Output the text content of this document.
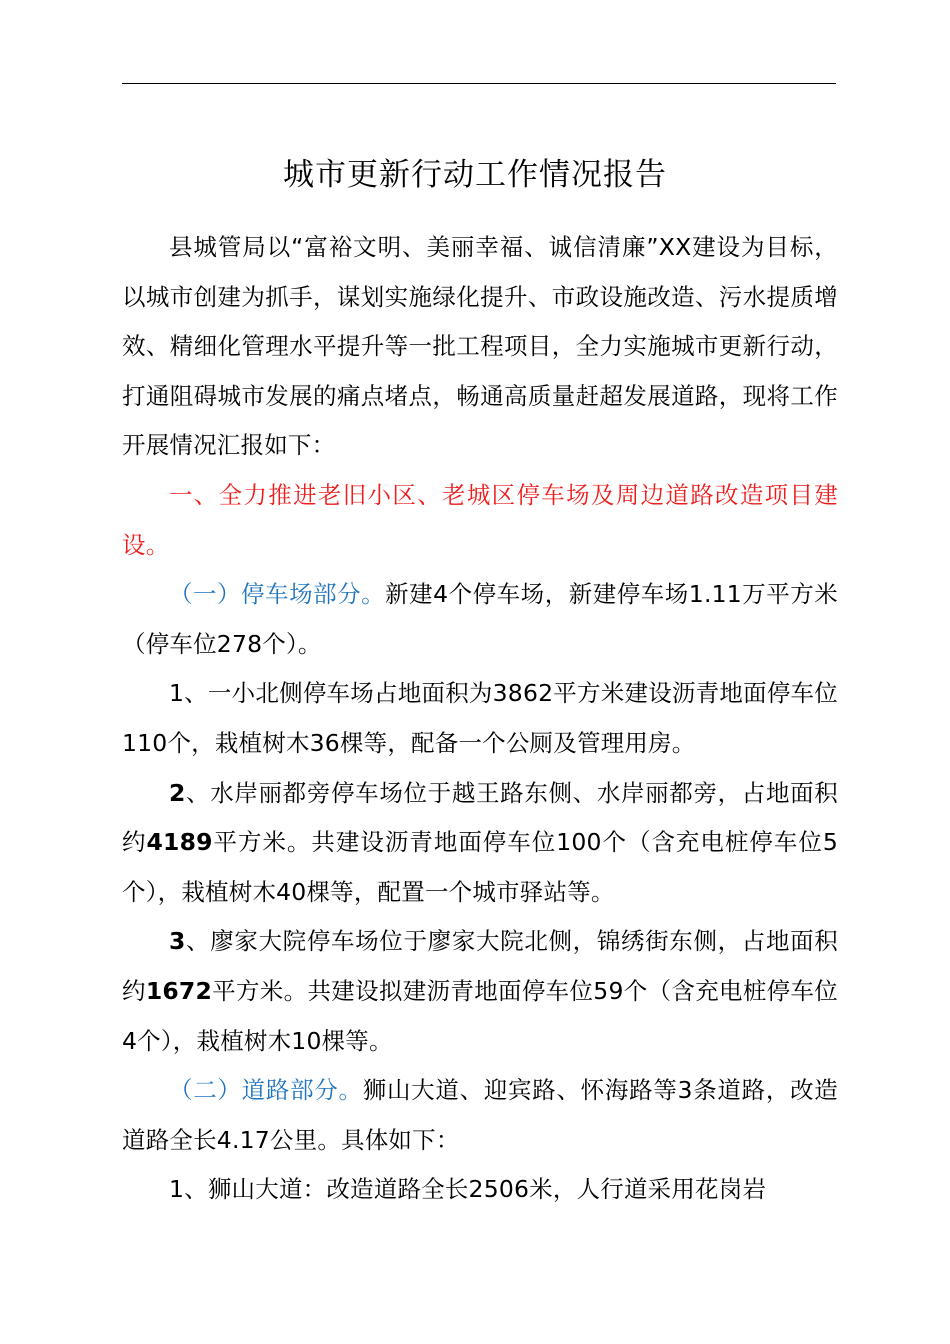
城市更新行动工作情况报告

县城管局以“富裕文明、美丽幸福、诚信清廉”XX建设为目标，以城市创建为抓手，谋划实施绿化提升、市政设施改造、污水提质增效、精细化管理水平提升等一批工程项目，全力实施城市更新行动，打通阻碍城市发展的痛点堵点，畅通高质量赶超发展道路，现将工作开展情况汇报如下：

一、全力推进老旧小区、老城区停车场及周边道路改造项目建设。

（一）停车场部分。新建4个停车场，新建停车场1.11万平方米（停车位278个）。

1、一小北侧停车场占地面积为3862平方米建设沥青地面停车位110个，栽植树木36棵等，配备一个公厕及管理用房。

2、水岸丽都旁停车场位于越王路东侧、水岸丽都旁，占地面积约4189平方米。共建设沥青地面停车位100个（含充电桩停车位5个），栽植树木40棵等，配置一个城市驿站等。

3、廖家大院停车场位于廖家大院北侧，锦绣街东侧，占地面积约1672平方米。共建设拟建沥青地面停车位59个（含充电桩停车位4个），栽植树木10棵等。

（二）道路部分。狮山大道、迎宾路、怀海路等3条道路，改造道路全长4.17公里。具体如下：

1、狮山大道：改造道路全长2506米，人行道采用花岗岩
